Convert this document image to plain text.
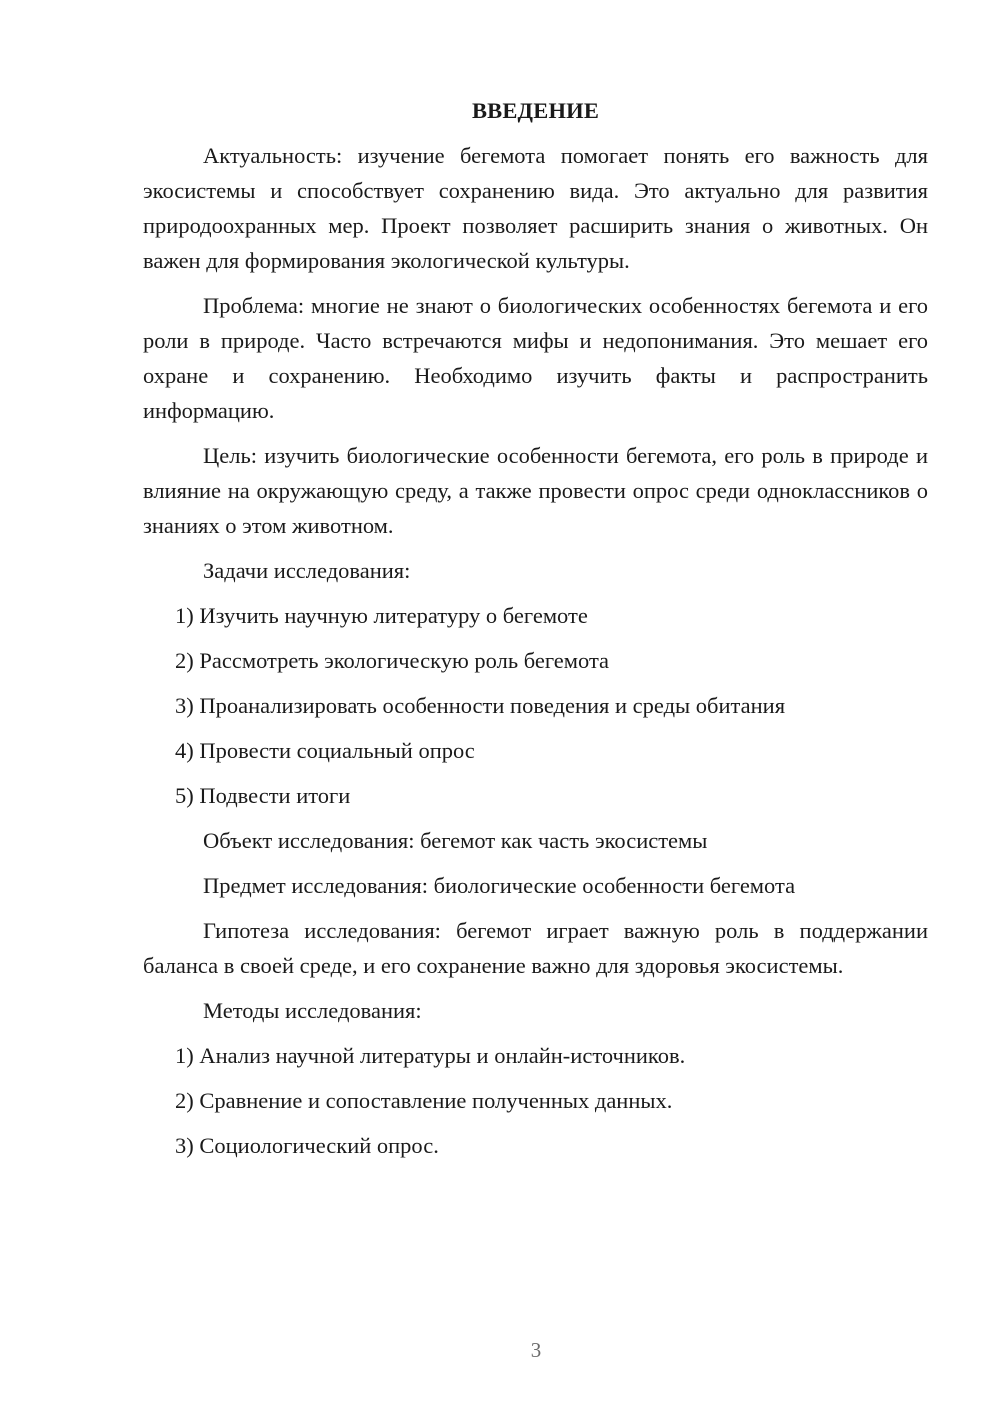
ВВЕДЕНИЕ

Актуальность: изучение бегемота помогает понять его важность для экосистемы и способствует сохранению вида. Это актуально для развития природоохранных мер. Проект позволяет расширить знания о животных. Он важен для формирования экологической культуры.

Проблема: многие не знают о биологических особенностях бегемота и его роли в природе. Часто встречаются мифы и недопонимания. Это мешает его охране и сохранению. Необходимо изучить факты и распространить информацию.

Цель: изучить биологические особенности бегемота, его роль в природе и влияние на окружающую среду, а также провести опрос среди одноклассников о знаниях о этом животном.

Задачи исследования:

1) Изучить научную литературу о бегемоте

2) Рассмотреть экологическую роль бегемота

3) Проанализировать особенности поведения и среды обитания

4) Провести социальный опрос

5) Подвести итоги

Объект исследования: бегемот как часть экосистемы

Предмет исследования: биологические особенности бегемота

Гипотеза исследования: бегемот играет важную роль в поддержании баланса в своей среде, и его сохранение важно для здоровья экосистемы.

Методы исследования:

1) Анализ научной литературы и онлайн-источников.

2) Сравнение и сопоставление полученных данных.

3) Социологический опрос.

3
